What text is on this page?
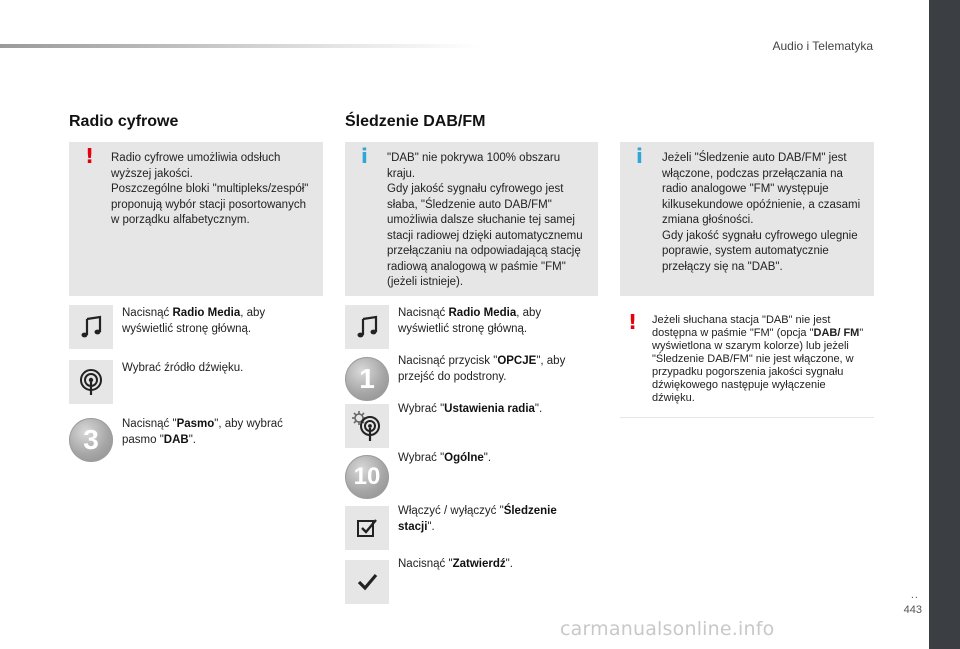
Audio i Telematyka
..
443
carmanualsonline.info
Radio cyfrowe
! Radio cyfrowe umożliwia odsłuch wyższej jakości.

Poszczególne bloki "multipleks/zespół" proponują wybór stacji posortowanych w porządku alfabetycznym.

Nacisnąć Radio Media, aby wyświetlić stronę główną.
Wybrać źródło dźwięku.
3	Nacisnąć "Pasmo", aby wybrać pasmo "DAB".
Śledzenie DAB/FM
i "DAB" nie pokrywa 100% obszaru kraju.

Gdy jakość sygnału cyfrowego jest słaba, "Śledzenie auto DAB/FM" umożliwia dalsze słuchanie tej samej stacji radiowej dzięki automatycznemu przełączaniu na odpowiadającą stację radiową analogową w paśmie "FM" (jeżeli istnieje).

Nacisnąć Radio Media, aby wyświetlić stronę główną.
1
Nacisnąć przycisk "OPCJE", aby przejść do podstrony.
Wybrać "Ustawienia radia".
10
Wybrać "Ogólne".
Włączyć / wyłączyć "Śledzenie stacji".
Nacisnąć "Zatwierdź".
i Jeżeli "Śledzenie auto DAB/FM" jest włączone, podczas przełączania na radio analogowe "FM" występuje kilkusekundowe opóźnienie, a czasami zmiana głośności.

Gdy jakość sygnału cyfrowego ulegnie poprawie, system automatycznie przełączy się na "DAB".

! Jeżeli słuchana stacja "DAB" nie jest dostępna w paśmie "FM" (opcja "DAB/ FM" wyświetlona w szarym kolorze) lub jeżeli "Śledzenie DAB/FM" nie jest włączone, w przypadku pogorszenia jakości sygnału dźwiękowego następuje wyłączenie dźwięku.
